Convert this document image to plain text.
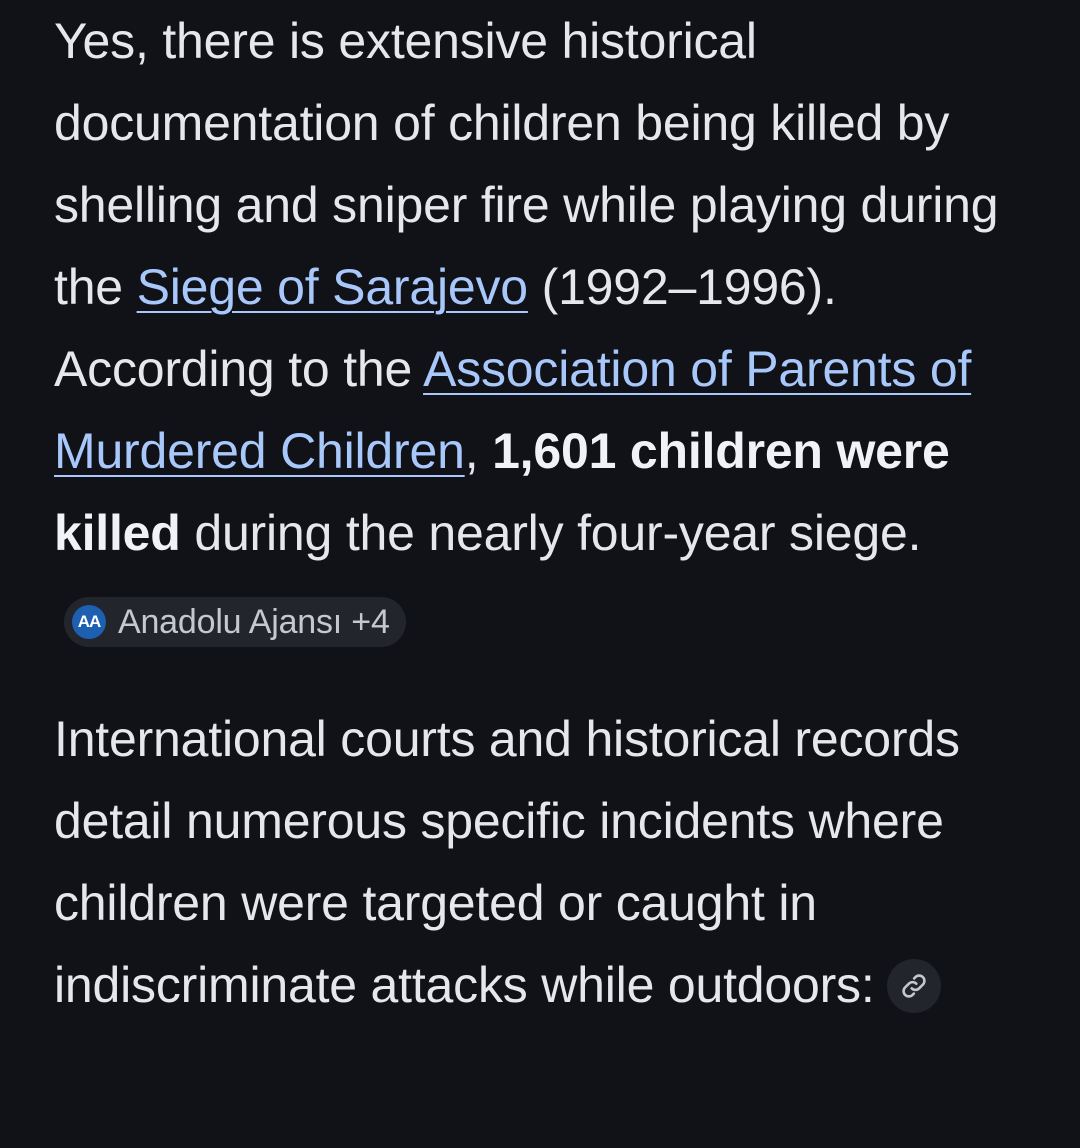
Yes, there is extensive historical documentation of children being killed by shelling and sniper fire while playing during the Siege of Sarajevo (1992–1996). According to the Association of Parents of Murdered Children, 1,601 children were killed during the nearly four-year siege.
AA Anadolu Ajansı +4

International courts and historical records detail numerous specific incidents where children were targeted or caught in indiscriminate attacks while outdoors:
